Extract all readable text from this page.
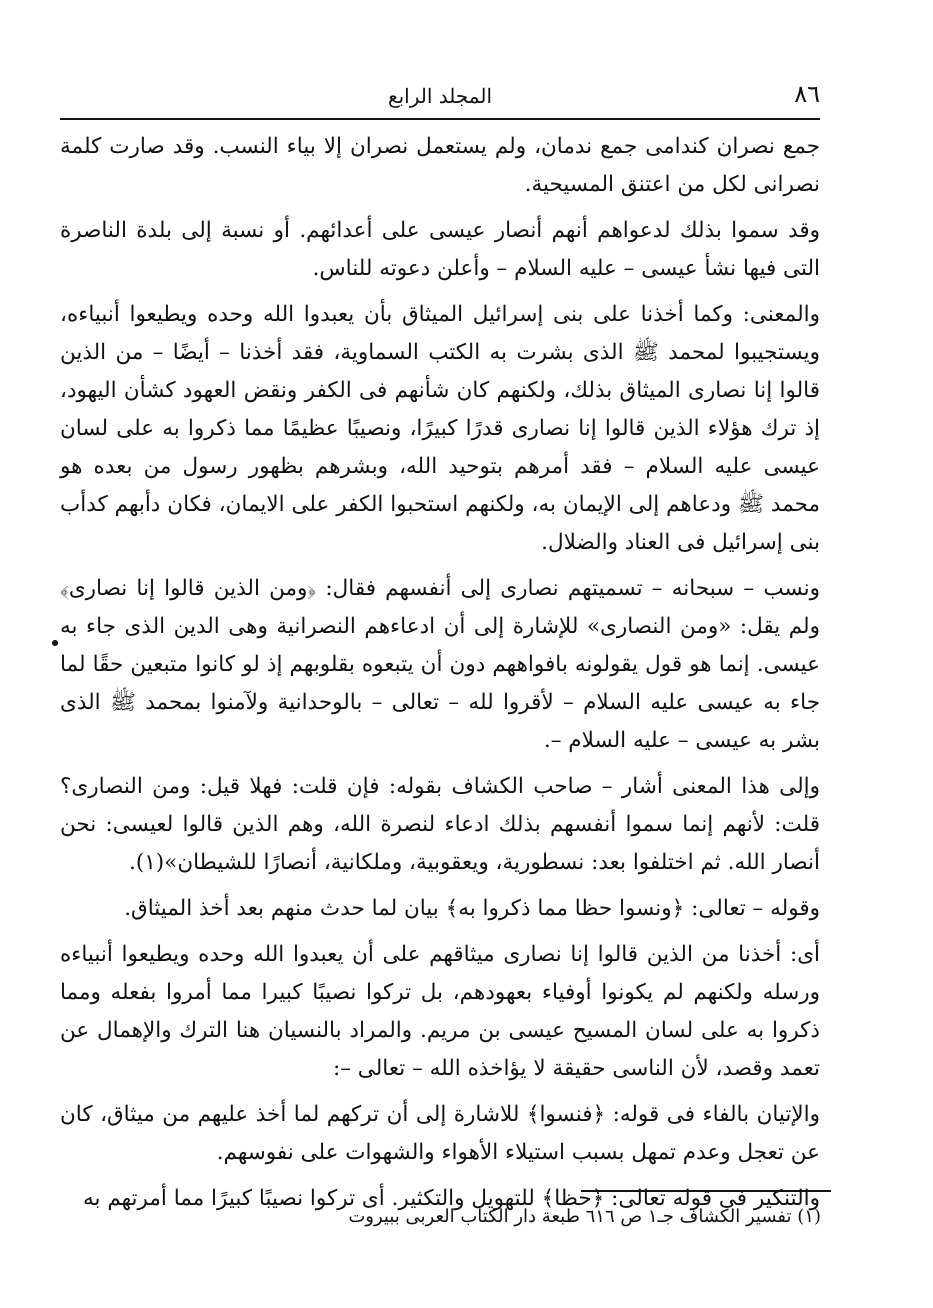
٨٦
المجلد الرابع

جمع نصران كندامى جمع ندمان، ولم يستعمل نصران إلا بياء النسب. وقد صارت كلمة نصرانى لكل من اعتنق المسيحية.

وقد سموا بذلك لدعواهم أنهم أنصار عيسى على أعدائهم. أو نسبة إلى بلدة الناصرة التى فيها نشأ عيسى – عليه السلام – وأعلن دعوته للناس.

والمعنى: وكما أخذنا على بنى إسرائيل الميثاق بأن يعبدوا الله وحده ويطيعوا أنبياءه، ويستجيبوا لمحمد ﷺ الذى بشرت به الكتب السماوية، فقد أخذنا – أيضًا – من الذين قالوا إنا نصارى الميثاق بذلك، ولكنهم كان شأنهم فى الكفر ونقض العهود كشأن اليهود، إذ ترك هؤلاء الذين قالوا إنا نصارى قدرًا كبيرًا، ونصيبًا عظيمًا مما ذكروا به على لسان عيسى عليه السلام – فقد أمرهم بتوحيد الله، وبشرهم بظهور رسول من بعده هو محمد ﷺ ودعاهم إلى الإيمان به، ولكنهم استحبوا الكفر على الايمان، فكان دأبهم كدأب بنى إسرائيل فى العناد والضلال.

ونسب – سبحانه – تسميتهم نصارى إلى أنفسهم فقال: ﴿ومن الذين قالوا إنا نصارى﴾ ولم يقل: «ومن النصارى» للإشارة إلى أن ادعاءهم النصرانية وهى الدين الذى جاء به عيسى. إنما هو قول يقولونه بافواههم دون أن يتبعوه بقلوبهم إذ لو كانوا متبعين حقًا لما جاء به عيسى عليه السلام – لأقروا لله – تعالى – بالوحدانية ولآمنوا بمحمد ﷺ الذى بشر به عيسى – عليه السلام –.

وإلى هذا المعنى أشار – صاحب الكشاف بقوله: فإن قلت: فهلا قيل: ومن النصارى؟ قلت: لأنهم إنما سموا أنفسهم بذلك ادعاء لنصرة الله، وهم الذين قالوا لعيسى: نحن أنصار الله. ثم اختلفوا بعد: نسطورية، ويعقوبية، وملكانية، أنصارًا للشيطان»(١).

وقوله – تعالى: ﴿ونسوا حظا مما ذكروا به﴾ بيان لما حدث منهم بعد أخذ الميثاق.

أى: أخذنا من الذين قالوا إنا نصارى ميثاقهم على أن يعبدوا الله وحده ويطيعوا أنبياءه ورسله ولكنهم لم يكونوا أوفياء بعهودهم، بل تركوا نصيبًا كبيرا مما أمروا بفعله ومما ذكروا به على لسان المسيح عيسى بن مريم. والمراد بالنسيان هنا الترك والإهمال عن تعمد وقصد، لأن الناسى حقيقة لا يؤاخذه الله – تعالى –:

والإتيان بالفاء فى قوله: ﴿فنسوا﴾ للاشارة إلى أن تركهم لما أخذ عليهم من ميثاق، كان عن تعجل وعدم تمهل بسبب استيلاء الأهواء والشهوات على نفوسهم.

والتنكير فى قوله تعالى: ﴿حظا﴾ للتهويل والتكثير. أى تركوا نصيبًا كبيرًا مما أمرتهم به

(١) تفسير الكشاف جـ١ ص ٦١٦ طبعة دار الكتاب العربى ببيروت
